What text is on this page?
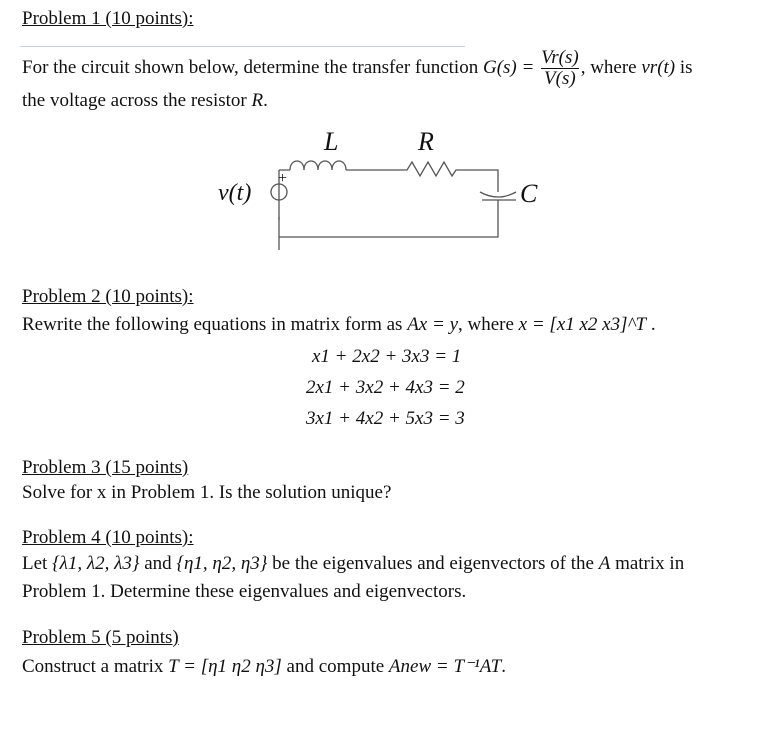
Problem 1 (10 points):
For the circuit shown below, determine the transfer function $G(s) = \frac{Vr(s)}{V(s)}$ , where vr(t) is
the voltage across the resistor R.
+
L	R
C
v(t)
Problem 2 (10 points):
Rewrite the following equations in matrix form as Ax = y, where x = [x1 x2 x3]^T .
x1 + 2x2 + 3x3 = 1
2x1 + 3x2 + 4x3 = 2
3x1 + 4x2 + 5x3 = 3
Problem 3 (15 points)
Solve for x in Problem 1. Is the solution unique?
Problem 4 (10 points):
Let {λ1, λ2, λ3} and {η1, η2, η3} be the eigenvalues and eigenvectors of the A matrix in
Problem 1. Determine these eigenvalues and eigenvectors.
Problem 5 (5 points)
Construct a matrix T = [η1 η2 η3] and compute Anew = T⁻¹AT.
